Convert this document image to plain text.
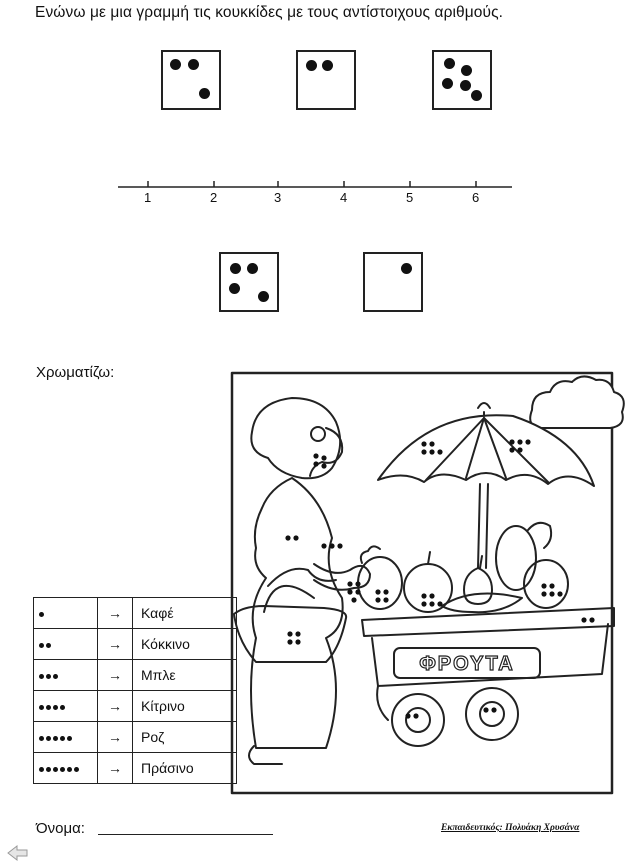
Ενώνω με μια γραμμή τις κουκκίδες με τους αντίστοιχους αριθμούς.
1	2	3	4	5	6
Χρωματίζω:
ΦΡΟΥΤΑ
	→	Καφέ
	→	Κόκκινο
	→	Μπλε
	→	Κίτρινο
	→	Ροζ
	→	Πράσινο
Όνομα:	Εκπαιδευτικός: Πολυάκη Χρυσάνα
